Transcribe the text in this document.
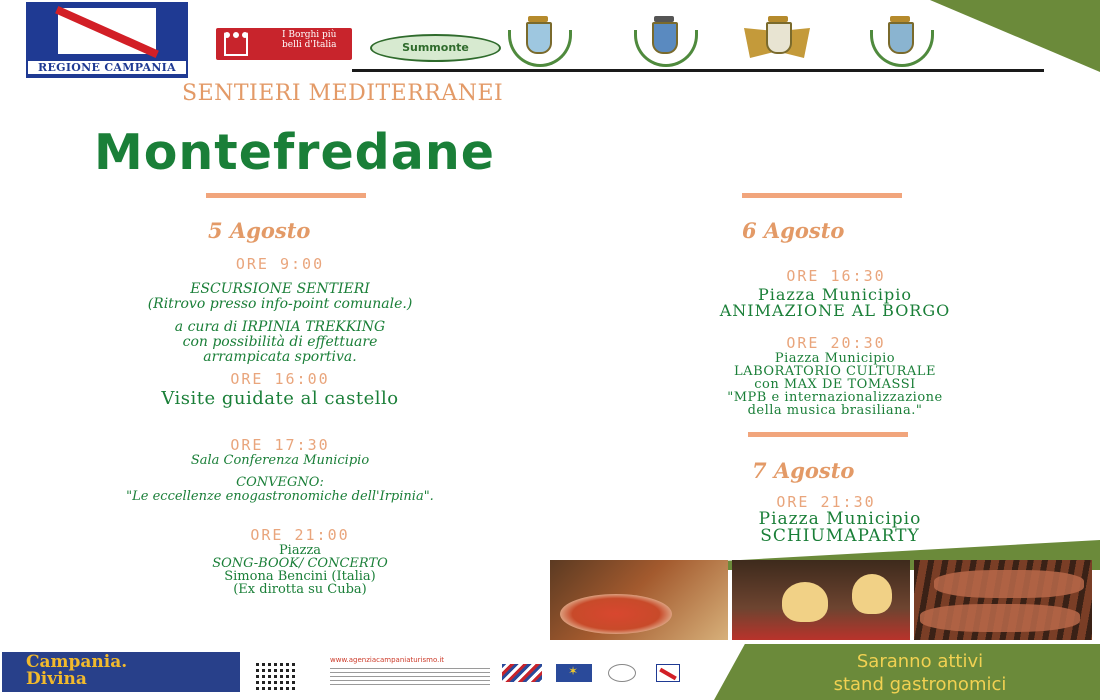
REGIONE CAMPANIA
I Borghi più belli d'Italia	Summonte
SENTIERI MEDITERRANEI
Montefredane
5 Agosto
ORE 9:00
ESCURSIONE SENTIERI
(Ritrovo presso info-point comunale.)
a cura di IRPINIA TREKKING
con possibilità di effettuare
arrampicata sportiva.
ORE 16:00
Visite guidate al castello
ORE 17:30
Sala Conferenza Municipio
CONVEGNO:
"Le eccellenze enogastronomiche dell'Irpinia".
ORE 21:00
Piazza
SONG-BOOK/ CONCERTO
Simona Bencini (Italia)
(Ex dirotta su Cuba)
6 Agosto
ORE 16:30
Piazza Municipio
ANIMAZIONE AL BORGO
ORE 20:30
Piazza Municipio
LABORATORIO CULTURALE
con MAX DE TOMASSI
"MPB e internazionalizzazione
della musica brasiliana."
7 Agosto
ORE 21:30
Piazza Municipio
SCHIUMAPARTY
Campania.
Divina
www.agenziacampaniaturismo.it
✶	Saranno attivi
stand gastronomici
